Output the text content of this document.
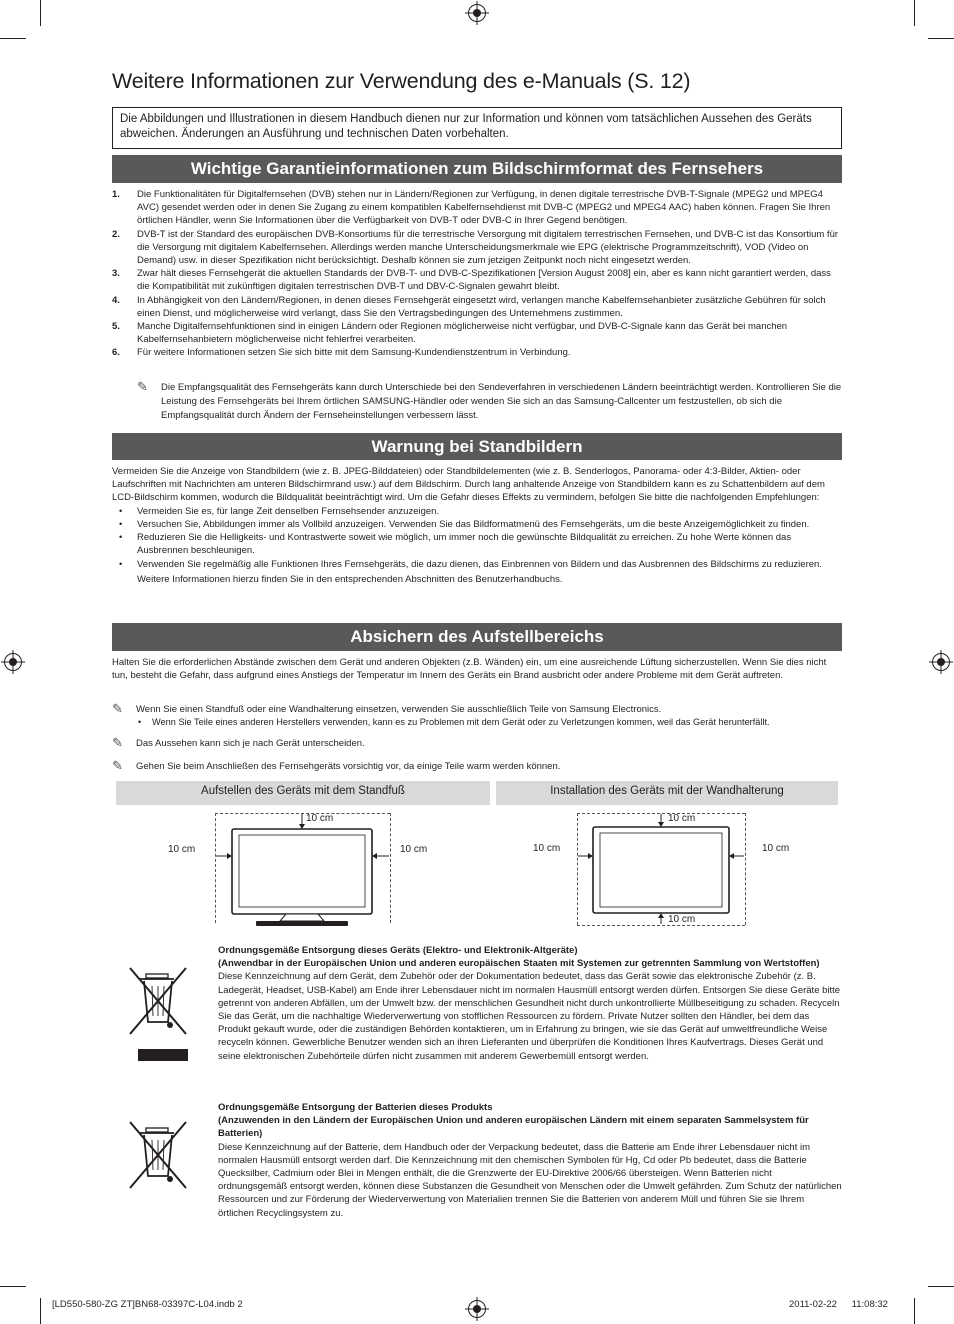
Weitere Informationen zur Verwendung des e-Manuals (S. 12)
Die Abbildungen und Illustrationen in diesem Handbuch dienen nur zur Information und können vom tatsächlichen Aussehen des Geräts abweichen. Änderungen an Ausführung und technischen Daten vorbehalten.
Wichtige Garantieinformationen zum Bildschirmformat des Fernsehers
1. Die Funktionalitäten für Digitalfernsehen (DVB) stehen nur in Ländern/Regionen zur Verfügung, in denen digitale terrestrische DVB-T-Signale (MPEG2 und MPEG4 AVC) gesendet werden oder in denen Sie Zugang zu einem kompatiblen Kabelfernsehdienst mit DVB-C (MPEG2 und MPEG4 AAC) haben können. Fragen Sie Ihren örtlichen Händler, wenn Sie Informationen über die Verfügbarkeit von DVB-T oder DVB-C in Ihrer Gegend benötigen.
2. DVB-T ist der Standard des europäischen DVB-Konsortiums für die terrestrische Versorgung mit digitalem terrestrischen Fernsehen, und DVB-C ist das Konsortium für die Versorgung mit digitalem Kabelfernsehen. Allerdings werden manche Unterscheidungsmerkmale wie EPG (elektrische Programmzeitschrift), VOD (Video on Demand) usw. in dieser Spezifikation nicht berücksichtigt. Deshalb können sie zum jetzigen Zeitpunkt noch nicht eingesetzt werden.
3. Zwar hält dieses Fernsehgerät die aktuellen Standards der DVB-T- und DVB-C-Spezifikationen [Version August 2008] ein, aber es kann nicht garantiert werden, dass die Kompatibilität mit zukünftigen digitalen terrestrischen DVB-T und DBV-C-Signalen gewahrt bleibt.
4. In Abhängigkeit von den Ländern/Regionen, in denen dieses Fernsehgerät eingesetzt wird, verlangen manche Kabelfernsehanbieter zusätzliche Gebühren für solch einen Dienst, und möglicherweise wird verlangt, dass Sie den Vertragsbedingungen des Unternehmens zustimmen.
5. Manche Digitalfernsehfunktionen sind in einigen Ländern oder Regionen möglicherweise nicht verfügbar, und DVB-C-Signale kann das Gerät bei manchen Kabelfernsehanbietern möglicherweise nicht fehlerfrei verarbeiten.
6. Für weitere Informationen setzen Sie sich bitte mit dem Samsung-Kundendienstzentrum in Verbindung.
✎ Die Empfangsqualität des Fernsehgeräts kann durch Unterschiede bei den Sendeverfahren in verschiedenen Ländern beeinträchtigt werden. Kontrollieren Sie die Leistung des Fernsehgeräts bei Ihrem örtlichen SAMSUNG-Händler oder wenden Sie sich an das Samsung-Callcenter um festzustellen, ob sich die Empfangsqualität durch Ändern der Fernseheinstellungen verbessern lässt.
Warnung bei Standbildern

Vermeiden Sie die Anzeige von Standbildern (wie z. B. JPEG-Bilddateien) oder Standbildelementen (wie z. B. Senderlogos, Panorama- oder 4:3-Bilder, Aktien- oder Laufschriften mit Nachrichten am unteren Bildschirmrand usw.) auf dem Bildschirm. Durch lang anhaltende Anzeige von Standbildern kann es zu Schattenbildern auf dem LCD-Bildschirm kommen, wodurch die Bildqualität beeinträchtigt wird. Um die Gefahr dieses Effekts zu vermindern, befolgen Sie bitte die nachfolgenden Empfehlungen:

• Vermeiden Sie es, für lange Zeit denselben Fernsehsender anzuzeigen.
• Versuchen Sie, Abbildungen immer als Vollbild anzuzeigen. Verwenden Sie das Bildformatmenü des Fernsehgeräts, um die beste Anzeigemöglichkeit zu finden.
• Reduzieren Sie die Helligkeits- und Kontrastwerte soweit wie möglich, um immer noch die gewünschte Bildqualität zu erreichen. Zu hohe Werte können das Ausbrennen beschleunigen.
• Verwenden Sie regelmäßig alle Funktionen Ihres Fernsehgeräts, die dazu dienen, das Einbrennen von Bildern und das Ausbrennen des Bildschirms zu reduzieren. Weitere Informationen hierzu finden Sie in den entsprechenden Abschnitten des Benutzerhandbuchs.
Absichern des Aufstellbereichs
Halten Sie die erforderlichen Abstände zwischen dem Gerät und anderen Objekten (z.B. Wänden) ein, um eine ausreichende Lüftung sicherzustellen. Wenn Sie dies nicht tun, besteht die Gefahr, dass aufgrund eines Anstiegs der Temperatur im Innern des Geräts ein Brand ausbricht oder andere Probleme mit dem Gerät auftreten.
✎ Wenn Sie einen Standfuß oder eine Wandhalterung einsetzen, verwenden Sie ausschließlich Teile von Samsung Electronics.
• Wenn Sie Teile eines anderen Herstellers verwenden, kann es zu Problemen mit dem Gerät oder zu Verletzungen kommen, weil das Gerät herunterfällt.
✎ Das Aussehen kann sich je nach Gerät unterscheiden.
✎ Gehen Sie beim Anschließen des Fernsehgeräts vorsichtig vor, da einige Teile warm werden können.
Aufstellen des Geräts mit dem Standfuß	Installation des Geräts mit der Wandhalterung
10 cm
10 cm	10 cm
10 cm
10 cm
10 cm	10 cm

Ordnungsgemäße Entsorgung dieses Geräts (Elektro- und Elektronik-Altgeräte)

(Anwendbar in der Europäischen Union und anderen europäischen Staaten mit Systemen zur getrennten Sammlung von Wertstoffen)

Diese Kennzeichnung auf dem Gerät, dem Zubehör oder der Dokumentation bedeutet, dass das Gerät sowie das elektronische Zubehör (z. B. Ladegerät, Headset, USB-Kabel) am Ende ihrer Lebensdauer nicht im normalen Hausmüll entsorgt werden dürfen. Entsorgen Sie diese Geräte bitte getrennt von anderen Abfällen, um der Umwelt bzw. der menschlichen Gesundheit nicht durch unkontrollierte Müllbeseitigung zu schaden. Recyceln Sie das Gerät, um die nachhaltige Wiederverwertung von stofflichen Ressourcen zu fördern. Private Nutzer sollten den Händler, bei dem das Produkt gekauft wurde, oder die zuständigen Behörden kontaktieren, um in Erfahrung zu bringen, wie sie das Gerät auf umweltfreundliche Weise recyceln können. Gewerbliche Benutzer wenden sich an ihren Lieferanten und überprüfen die Konditionen Ihres Kaufvertrags. Dieses Gerät und seine elektronischen Zubehörteile dürfen nicht zusammen mit anderem Gewerbemüll entsorgt werden.

Ordnungsgemäße Entsorgung der Batterien dieses Produkts

(Anzuwenden in den Ländern der Europäischen Union und anderen europäischen Ländern mit einem separaten Sammelsystem für Batterien)

Diese Kennzeichnung auf der Batterie, dem Handbuch oder der Verpackung bedeutet, dass die Batterie am Ende ihrer Lebensdauer nicht im normalen Hausmüll entsorgt werden darf. Die Kennzeichnung mit den chemischen Symbolen für Hg, Cd oder Pb bedeutet, dass die Batterie Quecksilber, Cadmium oder Blei in Mengen enthält, die die Grenzwerte der EU-Direktive 2006/66 übersteigen. Wenn Batterien nicht ordnungsgemäß entsorgt werden, können diese Substanzen die Gesundheit von Menschen oder die Umwelt gefährden. Zum Schutz der natürlichen Ressourcen und zur Förderung der Wiederverwertung von Materialien trennen Sie die Batterien von anderem Müll und führen Sie sie Ihrem örtlichen Recyclingsystem zu.

[LD550-580-ZG ZT]BN68-03397C-L04.indb 2	2011-02-22   11:08:32
